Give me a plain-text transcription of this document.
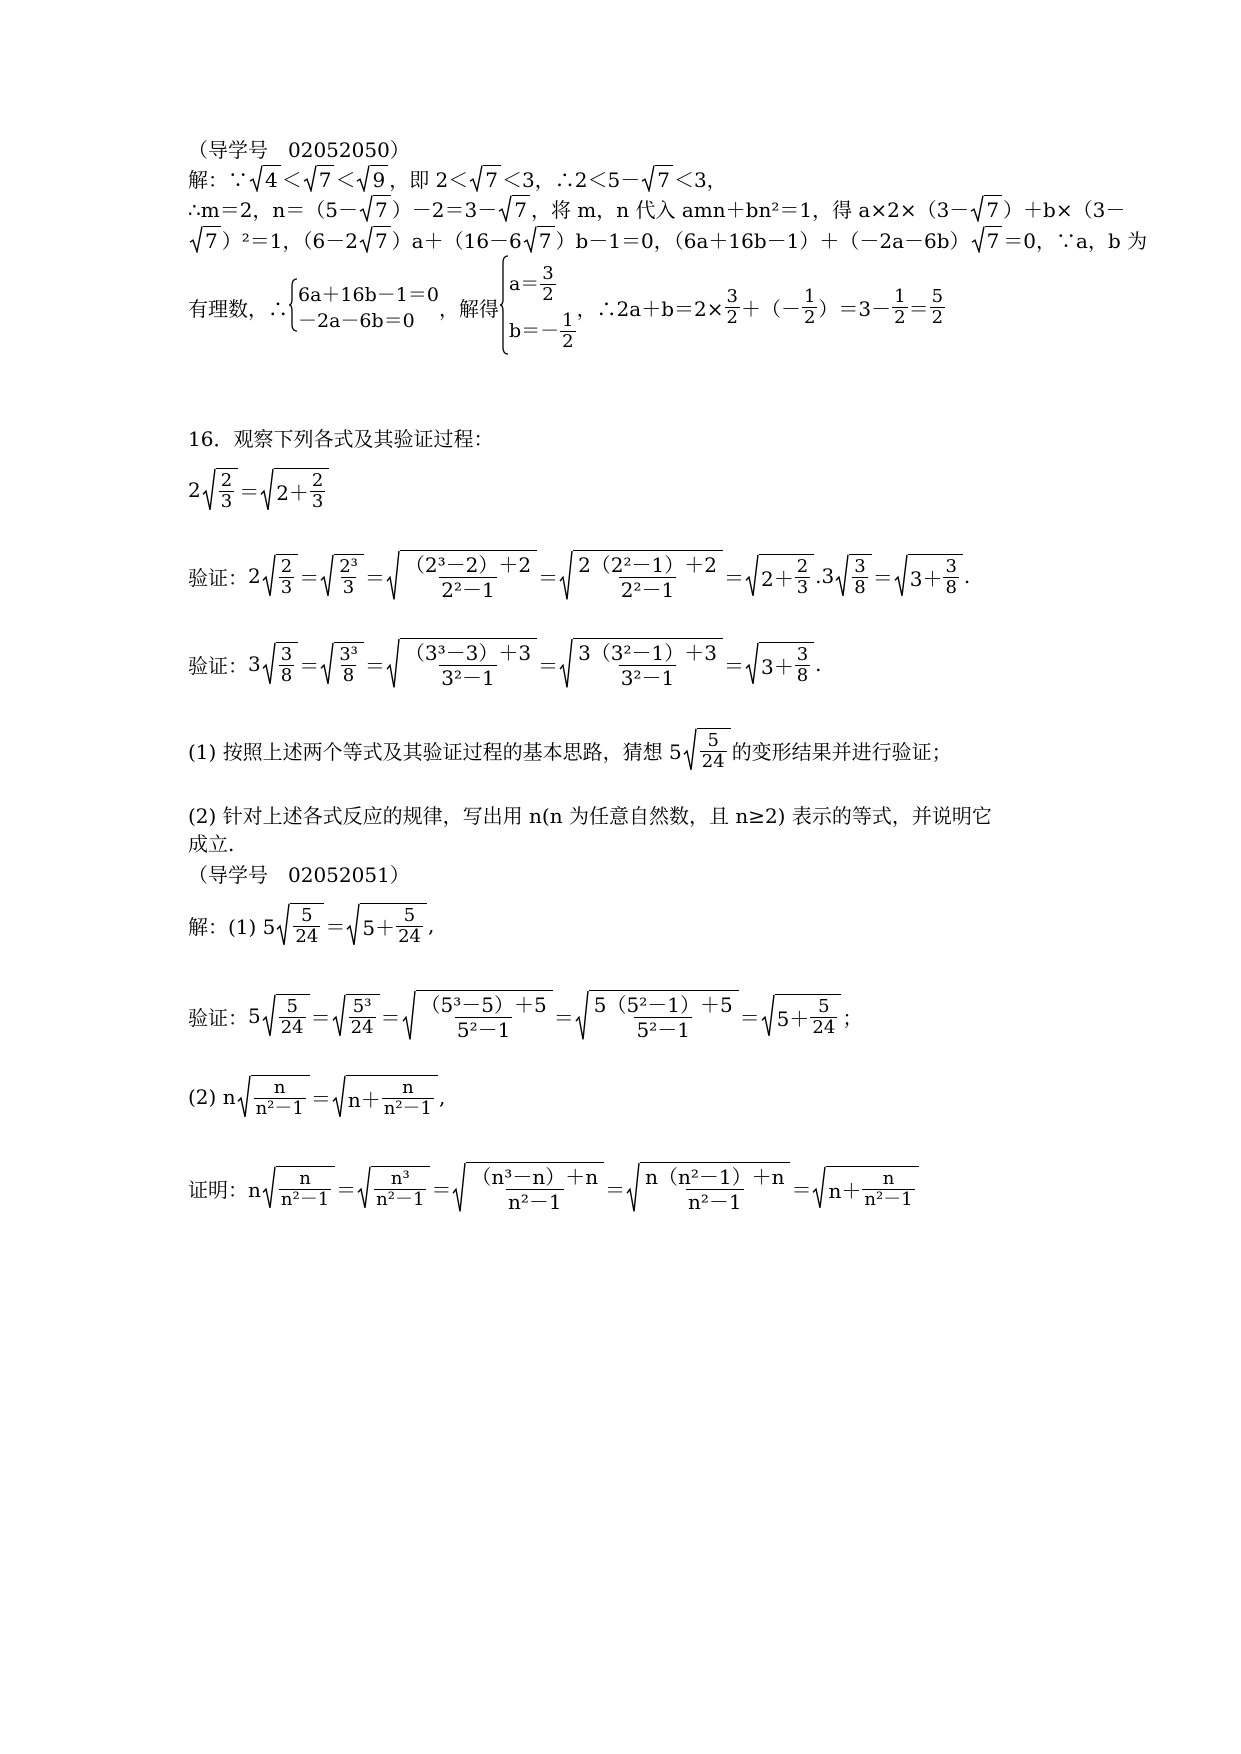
（导学号　02052050）
解：∵ 4 ＜ 7 ＜ 9 ，即 2＜ 7 ＜3，∴2＜5－ 7 ＜3，
∴m＝2，n＝（5－ 7 ）－2＝3－ 7 ，将 m，n 代入 amn＋bn²＝1，得 a×2×（3－ 7 ）＋b×（3－
7 ）²＝1，（6－2 7 ）a＋（16－6 7 ）b－1＝0，（6a＋16b－1）＋（－2a－6b） 7 ＝0，∵a，b 为
有理数，∴
6a＋16b－1＝0
－2a－6b＝0	，解得
$a= \frac{3}{2}$
$b=- \frac{1}{2}$
，∴2a＋b＝2× $\frac{3}{2}$ ＋（－ $\frac{1}{2} )=3- \frac{1}{2} = \frac{5}{2}$
16．观察下列各式及其验证过程：
$2 \frac{2}{3} = 2+ \frac{2}{3}$
验证： $2 \frac{2}{3} = \frac{\text{2³}}{3} = \frac{\text{（2³－2）＋2}}{\text{2²－1}} = \frac{\text{2（2²－1）＋2}}{\text{2²－1}} = 2+ \frac{2}{3}$ . $3 \frac{3}{8} = 3+ \frac{3}{8}$ .
验证： $3 \frac{3}{8} = \frac{\text{3³}}{8} = \frac{\text{（3³－3）＋3}}{\text{3²－1}} = \frac{\text{3（3²－1）＋3}}{\text{3²－1}} = 3+ \frac{3}{8}$ .
(1) 按照上述两个等式及其验证过程的基本思路，猜想 $5 \frac{5}{24}$ 的变形结果并进行验证；
(2) 针对上述各式反应的规律，写出用 n(n 为任意自然数，且 n≥2) 表示的等式，并说明它
成立.
（导学号　02052051）
解：(1) $5 \frac{5}{24} = 5+ \frac{5}{24}$ ,
验证： $5 \frac{5}{24} = \frac{\text{5³}}{24} = \frac{\text{（5³－5）＋5}}{\text{5²－1}} = \frac{\text{5（5²－1）＋5}}{\text{5²－1}} = 5+ \frac{5}{24}$ ；
(2) n $\frac{n}{\text{n²－1}} = n+ \frac{n}{\text{n²－1}}$ ,
证明：n $\frac{n}{\text{n²－1}} = \frac{\text{n³}}{\text{n²－1}} = \frac{\text{（n³－n）＋n}}{\text{n²－1}} = \frac{\text{n（n²－1）＋n}}{\text{n²－1}} = n+ \frac{n}{\text{n²－1}}$
